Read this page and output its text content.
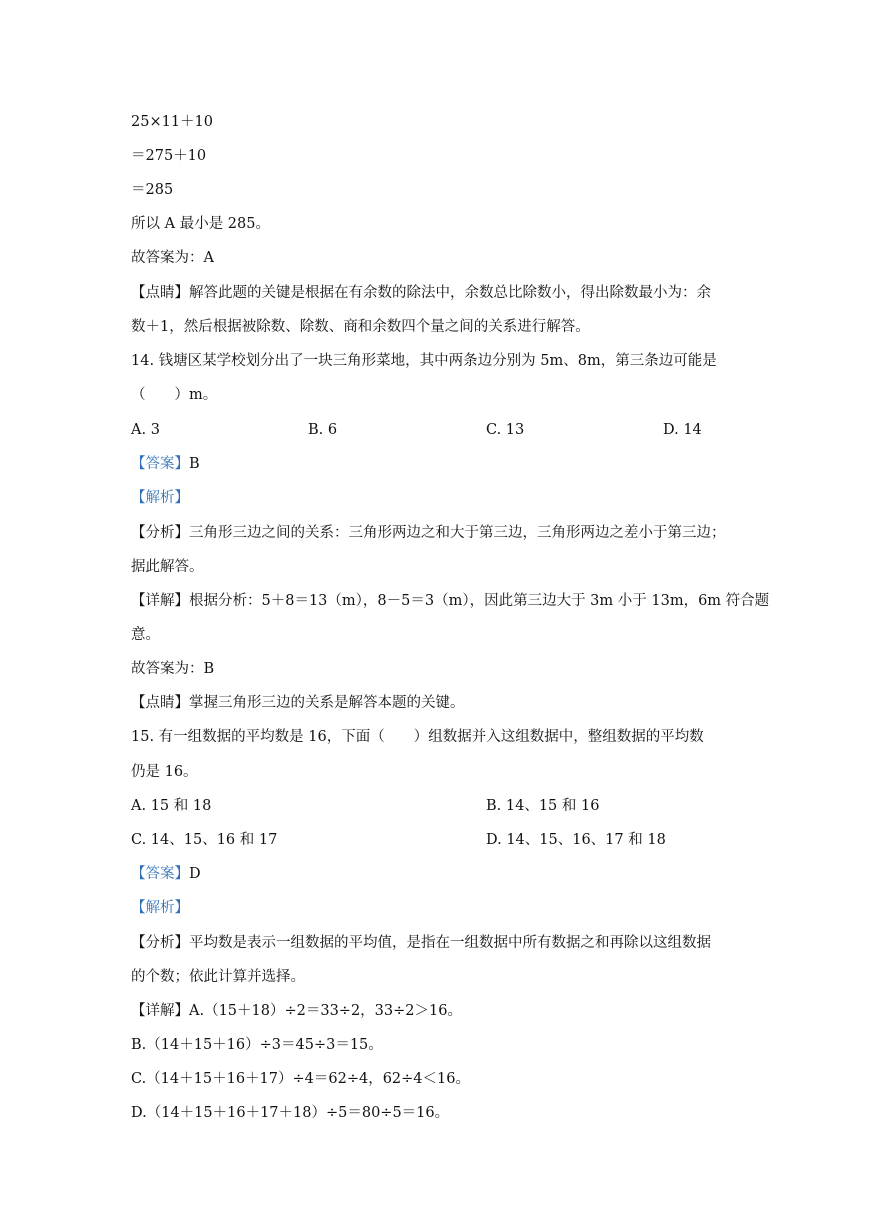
25×11＋10
＝275＋10
＝285
所以 A 最小是 285。
故答案为：A
【点睛】解答此题的关键是根据在有余数的除法中，余数总比除数小，得出除数最小为：余
数＋1，然后根据被除数、除数、商和余数四个量之间的关系进行解答。
14. 钱塘区某学校划分出了一块三角形菜地，其中两条边分别为 5m、8m，第三条边可能是
（　　）m。
A. 3	B. 6	C. 13	D. 14
【答案】B
【解析】
【分析】三角形三边之间的关系：三角形两边之和大于第三边，三角形两边之差小于第三边；
据此解答。
【详解】根据分析：5＋8＝13（m），8－5＝3（m），因此第三边大于 3m 小于 13m，6m 符合题
意。
故答案为：B
【点睛】掌握三角形三边的关系是解答本题的关键。
15. 有一组数据的平均数是 16，下面（　　）组数据并入这组数据中，整组数据的平均数
仍是 16。
A. 15 和 18	B. 14、15 和 16
C. 14、15、16 和 17	D. 14、15、16、17 和 18
【答案】D
【解析】
【分析】平均数是表示一组数据的平均值，是指在一组数据中所有数据之和再除以这组数据
的个数；依此计算并选择。
【详解】A.（15＋18）÷2＝33÷2，33÷2＞16。
B.（14＋15＋16）÷3＝45÷3＝15。
C.（14＋15＋16＋17）÷4＝62÷4，62÷4＜16。
D.（14＋15＋16＋17＋18）÷5＝80÷5＝16。
